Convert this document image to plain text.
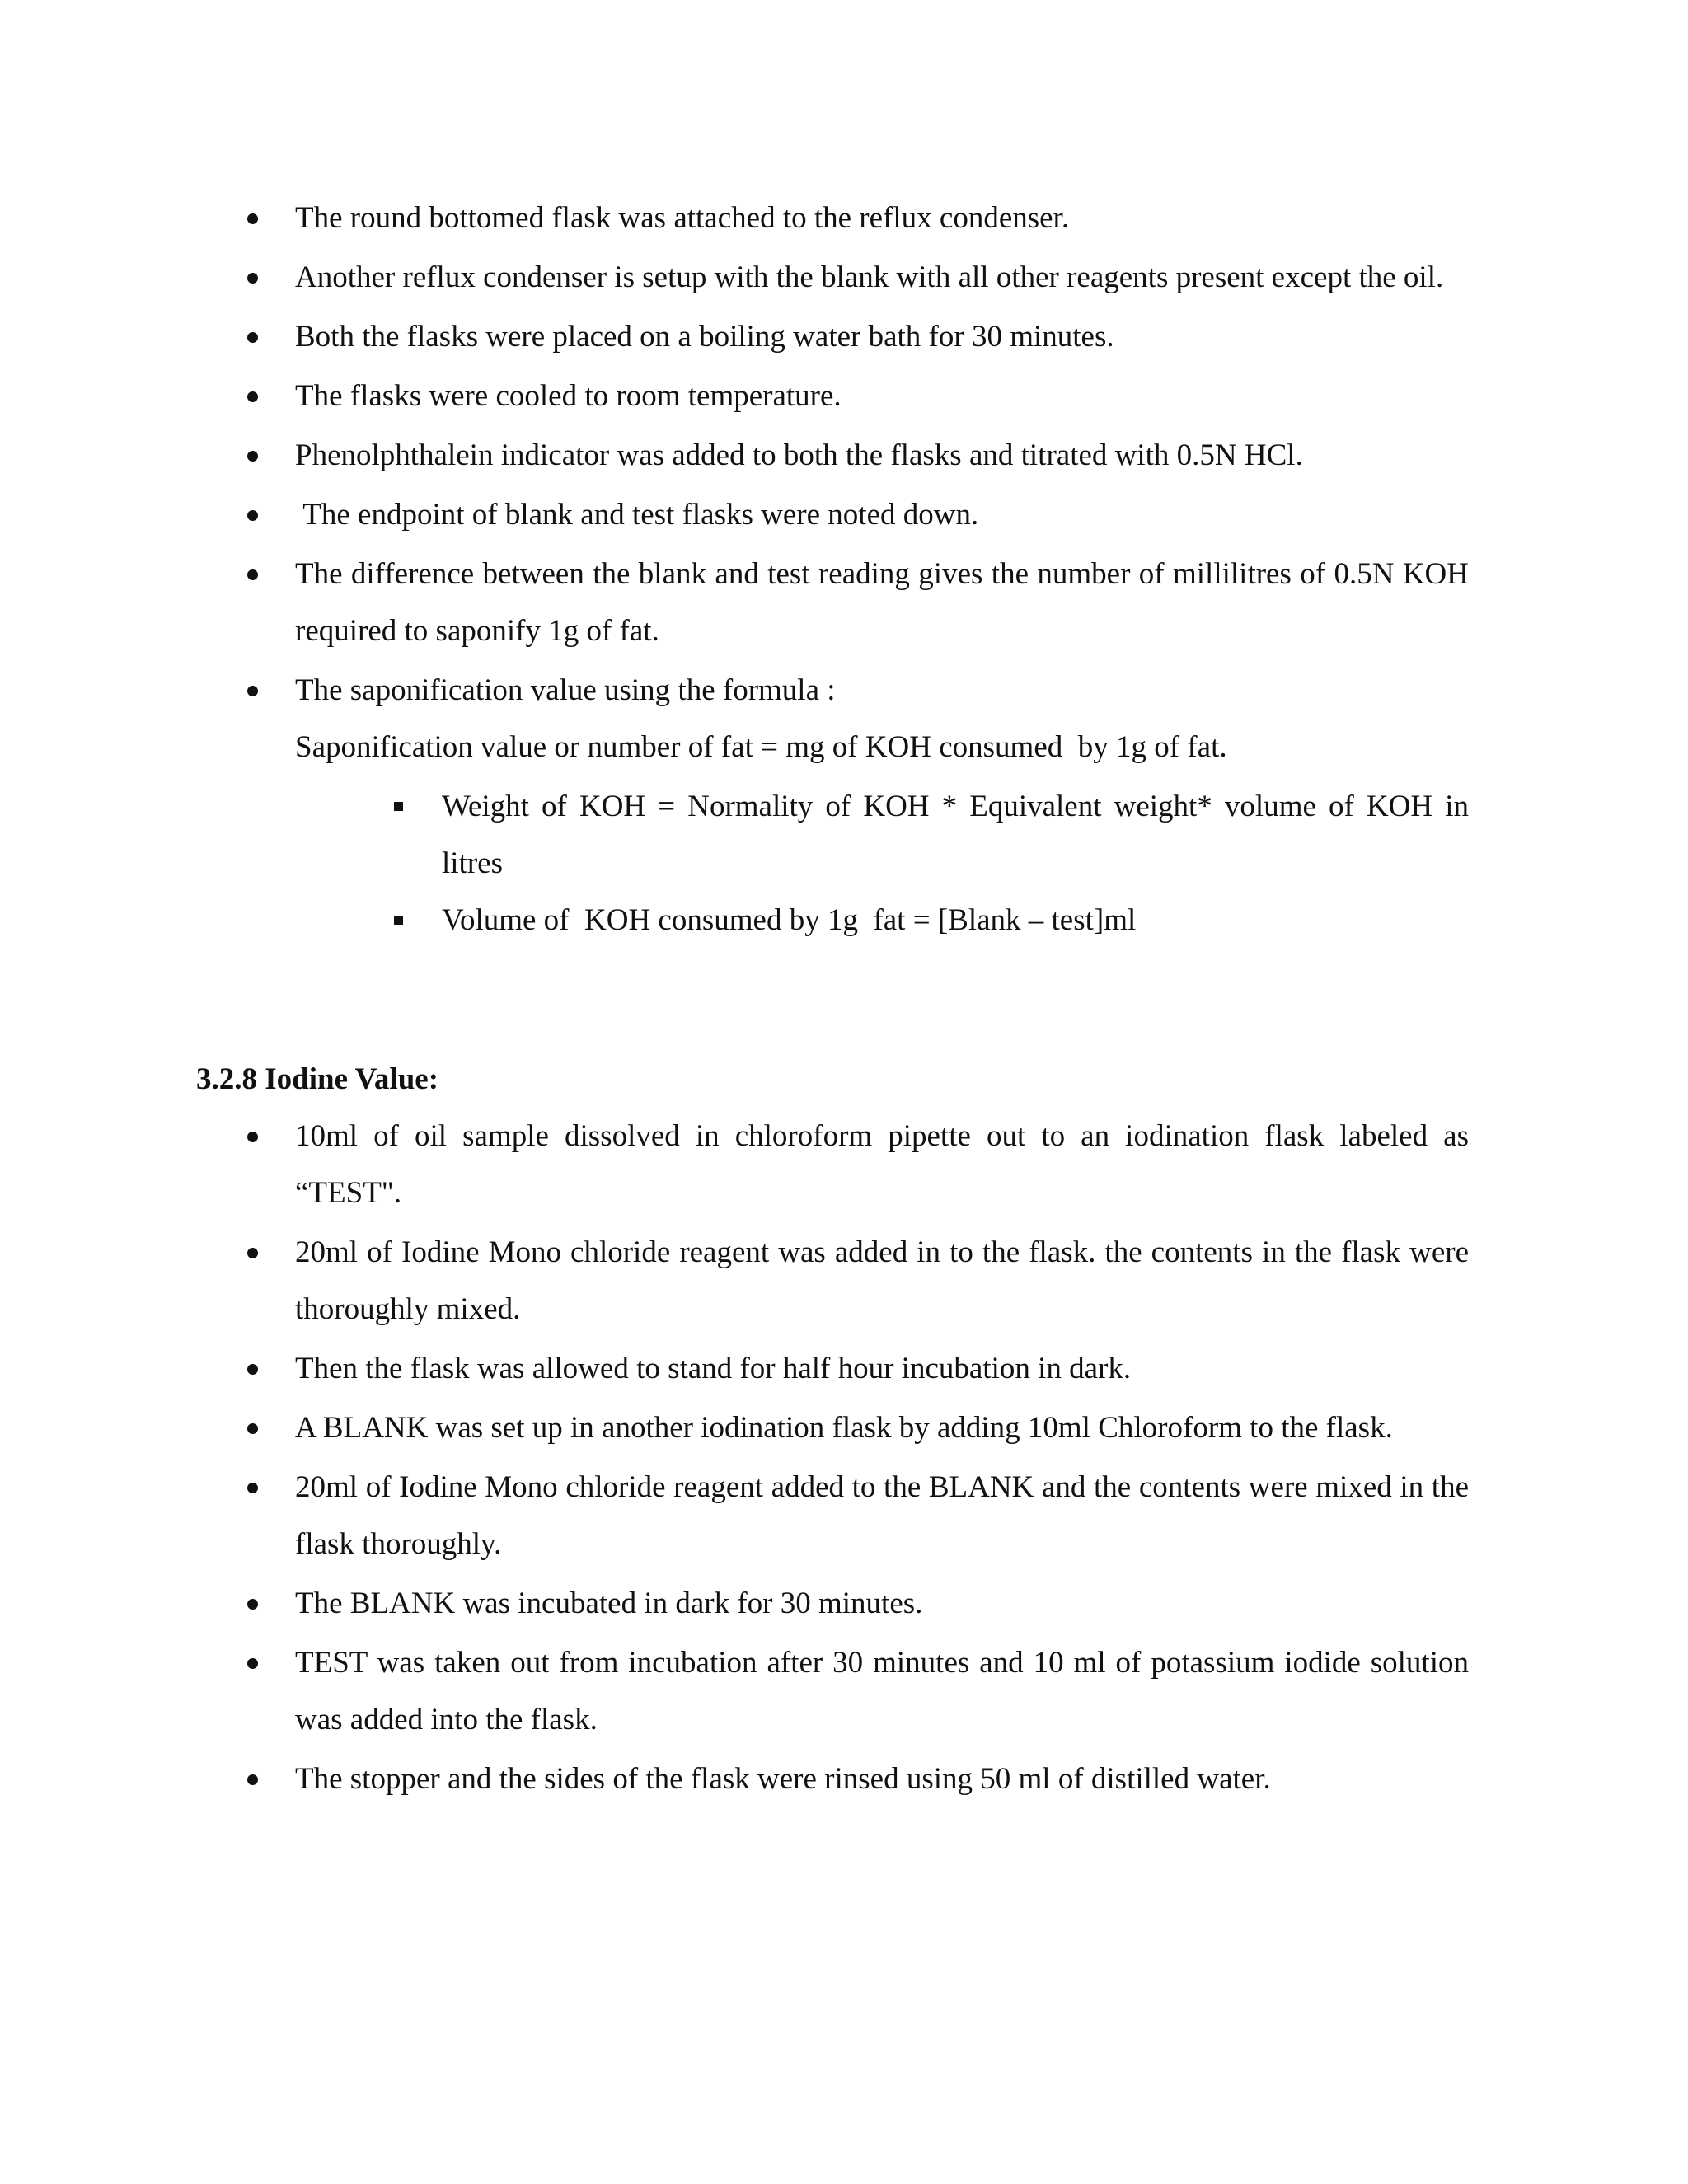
The round bottomed flask was attached to the reflux condenser.
Another reflux condenser is setup with the blank with all other reagents present except the oil.
Both the flasks were placed on a boiling water bath for 30 minutes.
The flasks were cooled to room temperature.
Phenolphthalein indicator was added to both the flasks and titrated with 0.5N HCl.
The endpoint of blank and test flasks were noted down.
The difference between the blank and test reading gives the number of millilitres of 0.5N KOH required to saponify 1g of fat.
The saponification value using the formula :
Saponification value or number of fat = mg of KOH consumed  by 1g of fat.
Weight of KOH = Normality of KOH * Equivalent weight* volume of KOH in litres
Volume of  KOH consumed by 1g  fat = [Blank – test]ml
3.2.8 Iodine Value:
10ml of oil sample dissolved in chloroform pipette out to an iodination flask labeled as “TEST".
20ml of Iodine Mono chloride reagent was added in to the flask. the contents in the flask were thoroughly mixed.
Then the flask was allowed to stand for half hour incubation in dark.
A BLANK was set up in another iodination flask by adding 10ml Chloroform to the flask.
20ml of Iodine Mono chloride reagent added to the BLANK and the contents were mixed in the flask thoroughly.
The BLANK was incubated in dark for 30 minutes.
TEST was taken out from incubation after 30 minutes and 10 ml of potassium iodide solution was added into the flask.
The stopper and the sides of the flask were rinsed using 50 ml of distilled water.
